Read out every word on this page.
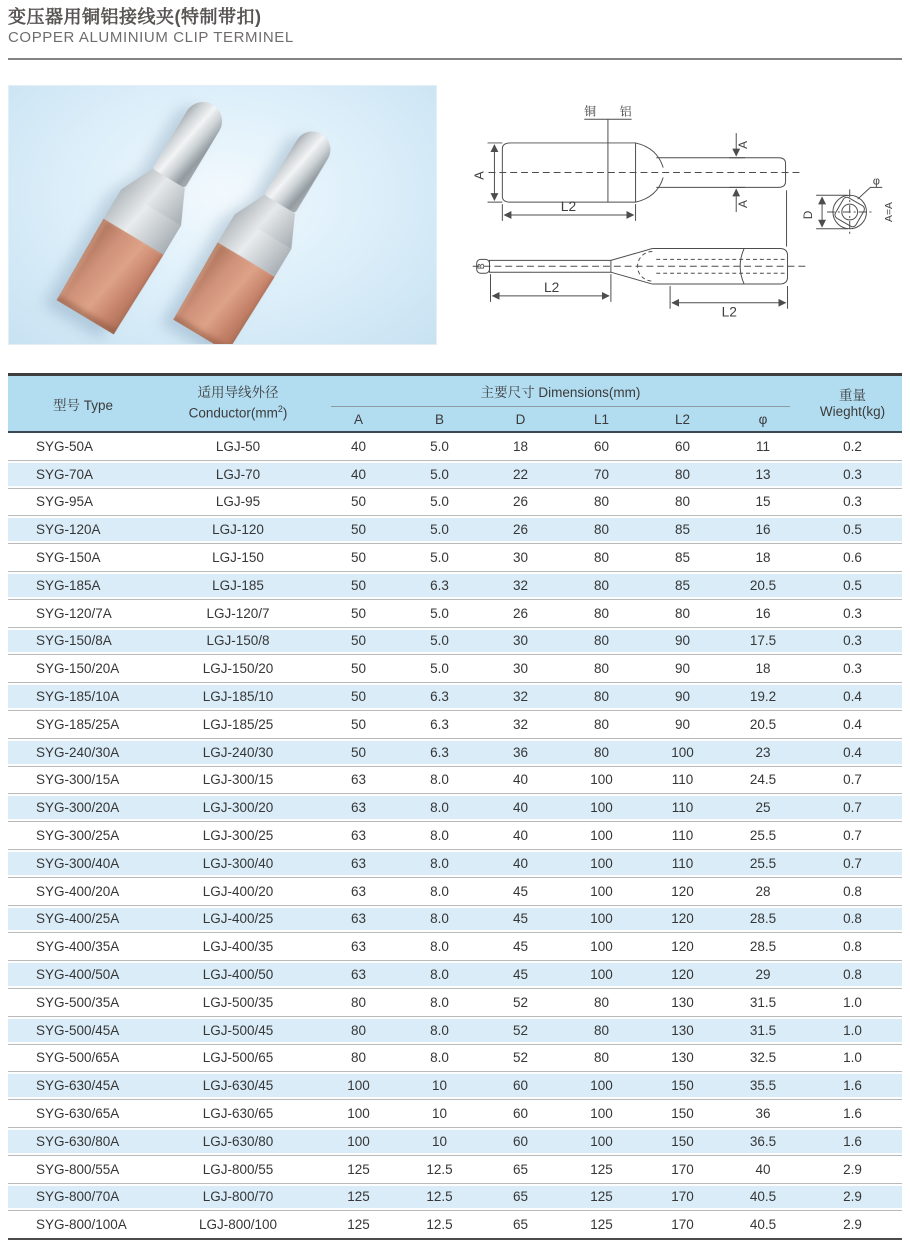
变压器用铜铝接线夹(特制带扣)
COPPER ALUMINIUM CLIP TERMINEL
铜 铝
A
L2
A
A
D
φ
A=A
B
L2
L2
型号 Type	
适用导线外径
$Conductor(mm^2)$

主要尺寸 Dimensions(mm)	重量
Wieght(kg)

		A	B	D	L1	L2	φ	
SYG-50A	LGJ-50	40	5.0	18	60	60	11	0.2
SYG-70A	LGJ-70	40	5.0	22	70	80	13	0.3
SYG-95A	LGJ-95	50	5.0	26	80	80	15	0.3
SYG-120A	LGJ-120	50	5.0	26	80	85	16	0.5
SYG-150A	LGJ-150	50	5.0	30	80	85	18	0.6
SYG-185A	LGJ-185	50	6.3	32	80	85	20.5	0.5
SYG-120/7A	LGJ-120/7	50	5.0	26	80	80	16	0.3
SYG-150/8A	LGJ-150/8	50	5.0	30	80	90	17.5	0.3
SYG-150/20A	LGJ-150/20	50	5.0	30	80	90	18	0.3
SYG-185/10A	LGJ-185/10	50	6.3	32	80	90	19.2	0.4
SYG-185/25A	LGJ-185/25	50	6.3	32	80	90	20.5	0.4
SYG-240/30A	LGJ-240/30	50	6.3	36	80	100	23	0.4
SYG-300/15A	LGJ-300/15	63	8.0	40	100	110	24.5	0.7
SYG-300/20A	LGJ-300/20	63	8.0	40	100	110	25	0.7
SYG-300/25A	LGJ-300/25	63	8.0	40	100	110	25.5	0.7
SYG-300/40A	LGJ-300/40	63	8.0	40	100	110	25.5	0.7
SYG-400/20A	LGJ-400/20	63	8.0	45	100	120	28	0.8
SYG-400/25A	LGJ-400/25	63	8.0	45	100	120	28.5	0.8
SYG-400/35A	LGJ-400/35	63	8.0	45	100	120	28.5	0.8
SYG-400/50A	LGJ-400/50	63	8.0	45	100	120	29	0.8
SYG-500/35A	LGJ-500/35	80	8.0	52	80	130	31.5	1.0
SYG-500/45A	LGJ-500/45	80	8.0	52	80	130	31.5	1.0
SYG-500/65A	LGJ-500/65	80	8.0	52	80	130	32.5	1.0
SYG-630/45A	LGJ-630/45	100	10	60	100	150	35.5	1.6
SYG-630/65A	LGJ-630/65	100	10	60	100	150	36	1.6
SYG-630/80A	LGJ-630/80	100	10	60	100	150	36.5	1.6
SYG-800/55A	LGJ-800/55	125	12.5	65	125	170	40	2.9
SYG-800/70A	LGJ-800/70	125	12.5	65	125	170	40.5	2.9
SYG-800/100A	LGJ-800/100	125	12.5	65	125	170	40.5	2.9
